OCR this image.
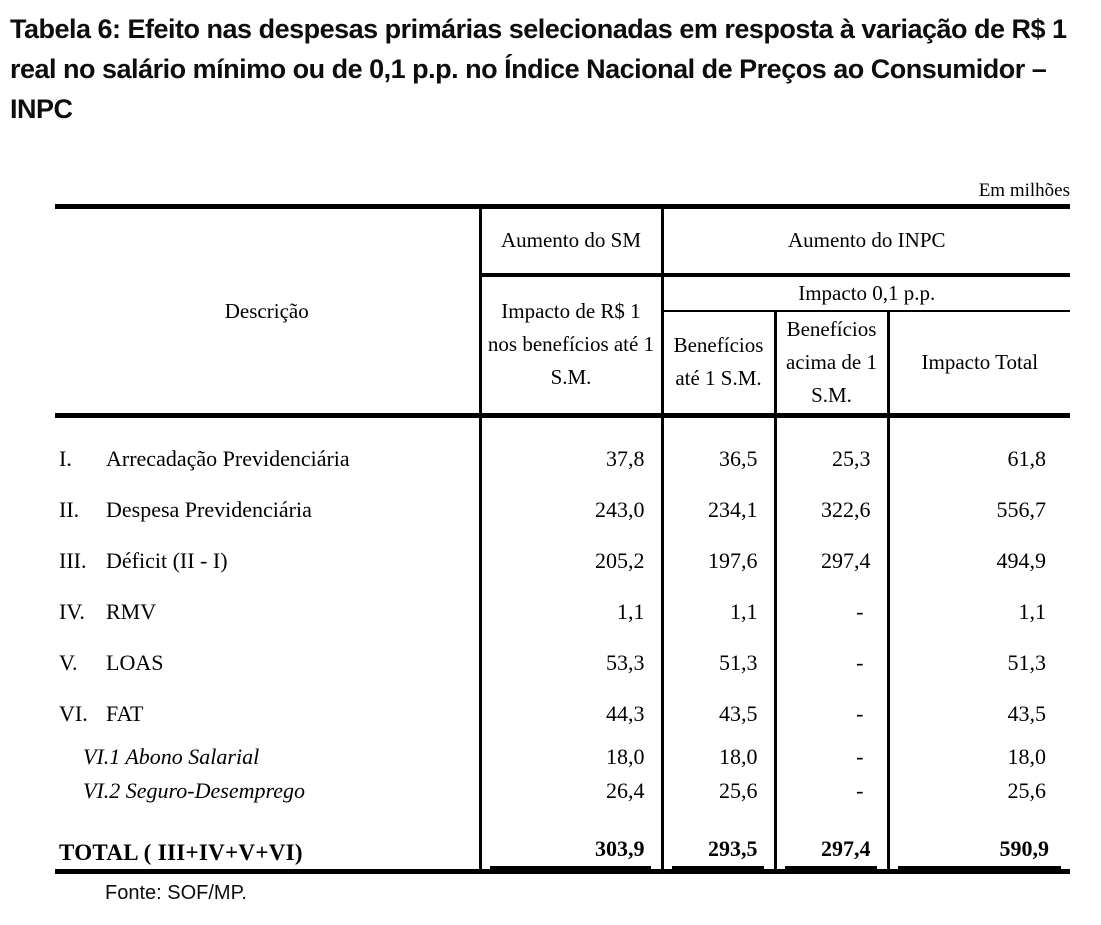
Tabela 6: Efeito nas despesas primárias selecionadas em resposta à variação de R$ 1 real no salário mínimo ou de 0,1 p.p. no Índice Nacional de Preços ao Consumidor – INPC
Em milhões
Descrição	Aumento do SM	Aumento do INPC		
	Impacto de R$ 1 nos benefícios até 1 S.M.	Impacto 0,1 p.p.		
		Benefícios até 1 S.M.	Benefícios acima de 1 S.M.	Impacto Total

I. Arrecadação Previdenciária	37,8	36,5	25,3	61,8
II. Despesa Previdenciária	243,0	234,1	322,6	556,7
III. Déficit (II - I)	205,2	197,6	297,4	494,9
IV. RMV	1,1	1,1	-	1,1
V. LOAS	53,3	51,3	-	51,3
VI. FAT	44,3	43,5	-	43,5
VI.1 Abono Salarial	18,0	18,0	-	18,0
VI.2 Seguro-Desemprego	26,4	25,6	-	25,6

TOTAL ( III+IV+V+VI)	303,9	293,5	297,4	590,9
Fonte: SOF/MP.
